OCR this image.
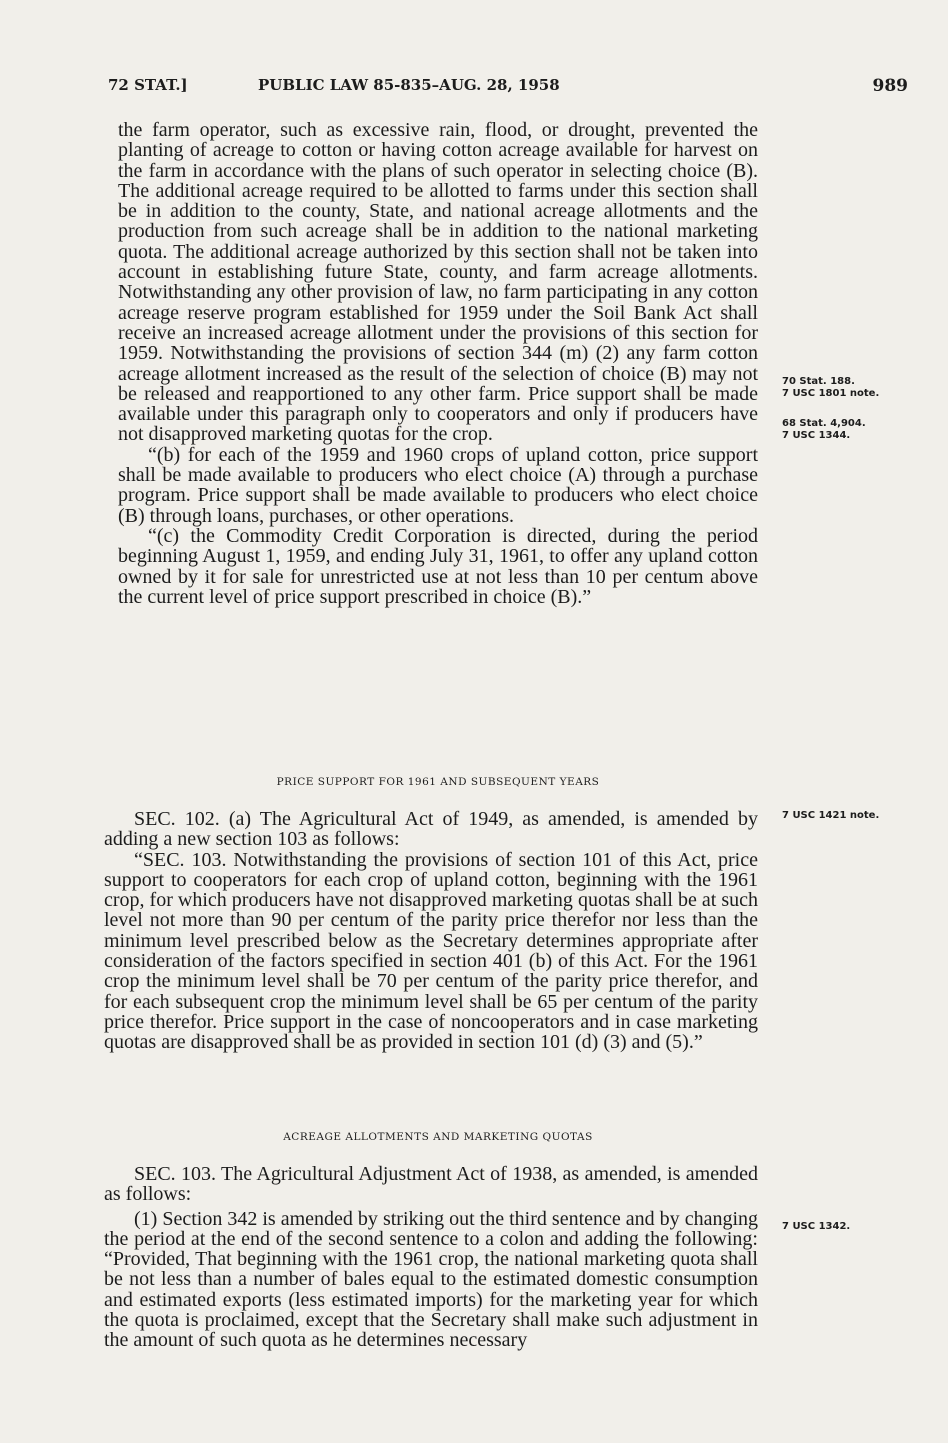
72 STAT.]	PUBLIC LAW 85-835–AUG. 28, 1958	989

the farm operator, such as excessive rain, flood, or drought, prevented the planting of acreage to cotton or having cotton acreage available for harvest on the farm in accordance with the plans of such operator in selecting choice (B). The additional acreage required to be allotted to farms under this section shall be in addition to the county, State, and national acreage allotments and the production from such acreage shall be in addition to the national marketing quota. The additional acreage authorized by this section shall not be taken into account in establishing future State, county, and farm acreage allotments. Notwithstanding any other provision of law, no farm participating in any cotton acreage reserve program established for 1959 under the Soil Bank Act shall receive an increased acreage allotment under the provisions of this section for 1959. Notwithstanding the provisions of section 344 (m) (2) any farm cotton acreage allotment increased as the result of the selection of choice (B) may not be released and reapportioned to any other farm. Price support shall be made available under this paragraph only to cooperators and only if producers have not disapproved marketing quotas for the crop.

“(b) for each of the 1959 and 1960 crops of upland cotton, price support shall be made available to producers who elect choice (A) through a purchase program. Price support shall be made available to producers who elect choice (B) through loans, purchases, or other operations.

“(c) the Commodity Credit Corporation is directed, during the period beginning August 1, 1959, and ending July 31, 1961, to offer any upland cotton owned by it for sale for unrestricted use at not less than 10 per centum above the current level of price support prescribed in choice (B).”

PRICE SUPPORT FOR 1961 AND SUBSEQUENT YEARS

SEC. 102. (a) The Agricultural Act of 1949, as amended, is amended by adding a new section 103 as follows:

“SEC. 103. Notwithstanding the provisions of section 101 of this Act, price support to cooperators for each crop of upland cotton, beginning with the 1961 crop, for which producers have not disapproved marketing quotas shall be at such level not more than 90 per centum of the parity price therefor nor less than the minimum level prescribed below as the Secretary determines appropriate after consideration of the factors specified in section 401 (b) of this Act. For the 1961 crop the minimum level shall be 70 per centum of the parity price therefor, and for each subsequent crop the minimum level shall be 65 per centum of the parity price therefor. Price support in the case of noncooperators and in case marketing quotas are disapproved shall be as provided in section 101 (d) (3) and (5).”

ACREAGE ALLOTMENTS AND MARKETING QUOTAS

SEC. 103. The Agricultural Adjustment Act of 1938, as amended, is amended as follows:

(1) Section 342 is amended by striking out the third sentence and by changing the period at the end of the second sentence to a colon and adding the following: “Provided, That beginning with the 1961 crop, the national marketing quota shall be not less than a number of bales equal to the estimated domestic consumption and estimated exports (less estimated imports) for the marketing year for which the quota is proclaimed, except that the Secretary shall make such adjustment in the amount of such quota as he determines necessary

70 Stat. 188.
7 USC 1801 note.
68 Stat. 4,904.
7 USC 1344.
7 USC 1421 note.
7 USC 1342.
